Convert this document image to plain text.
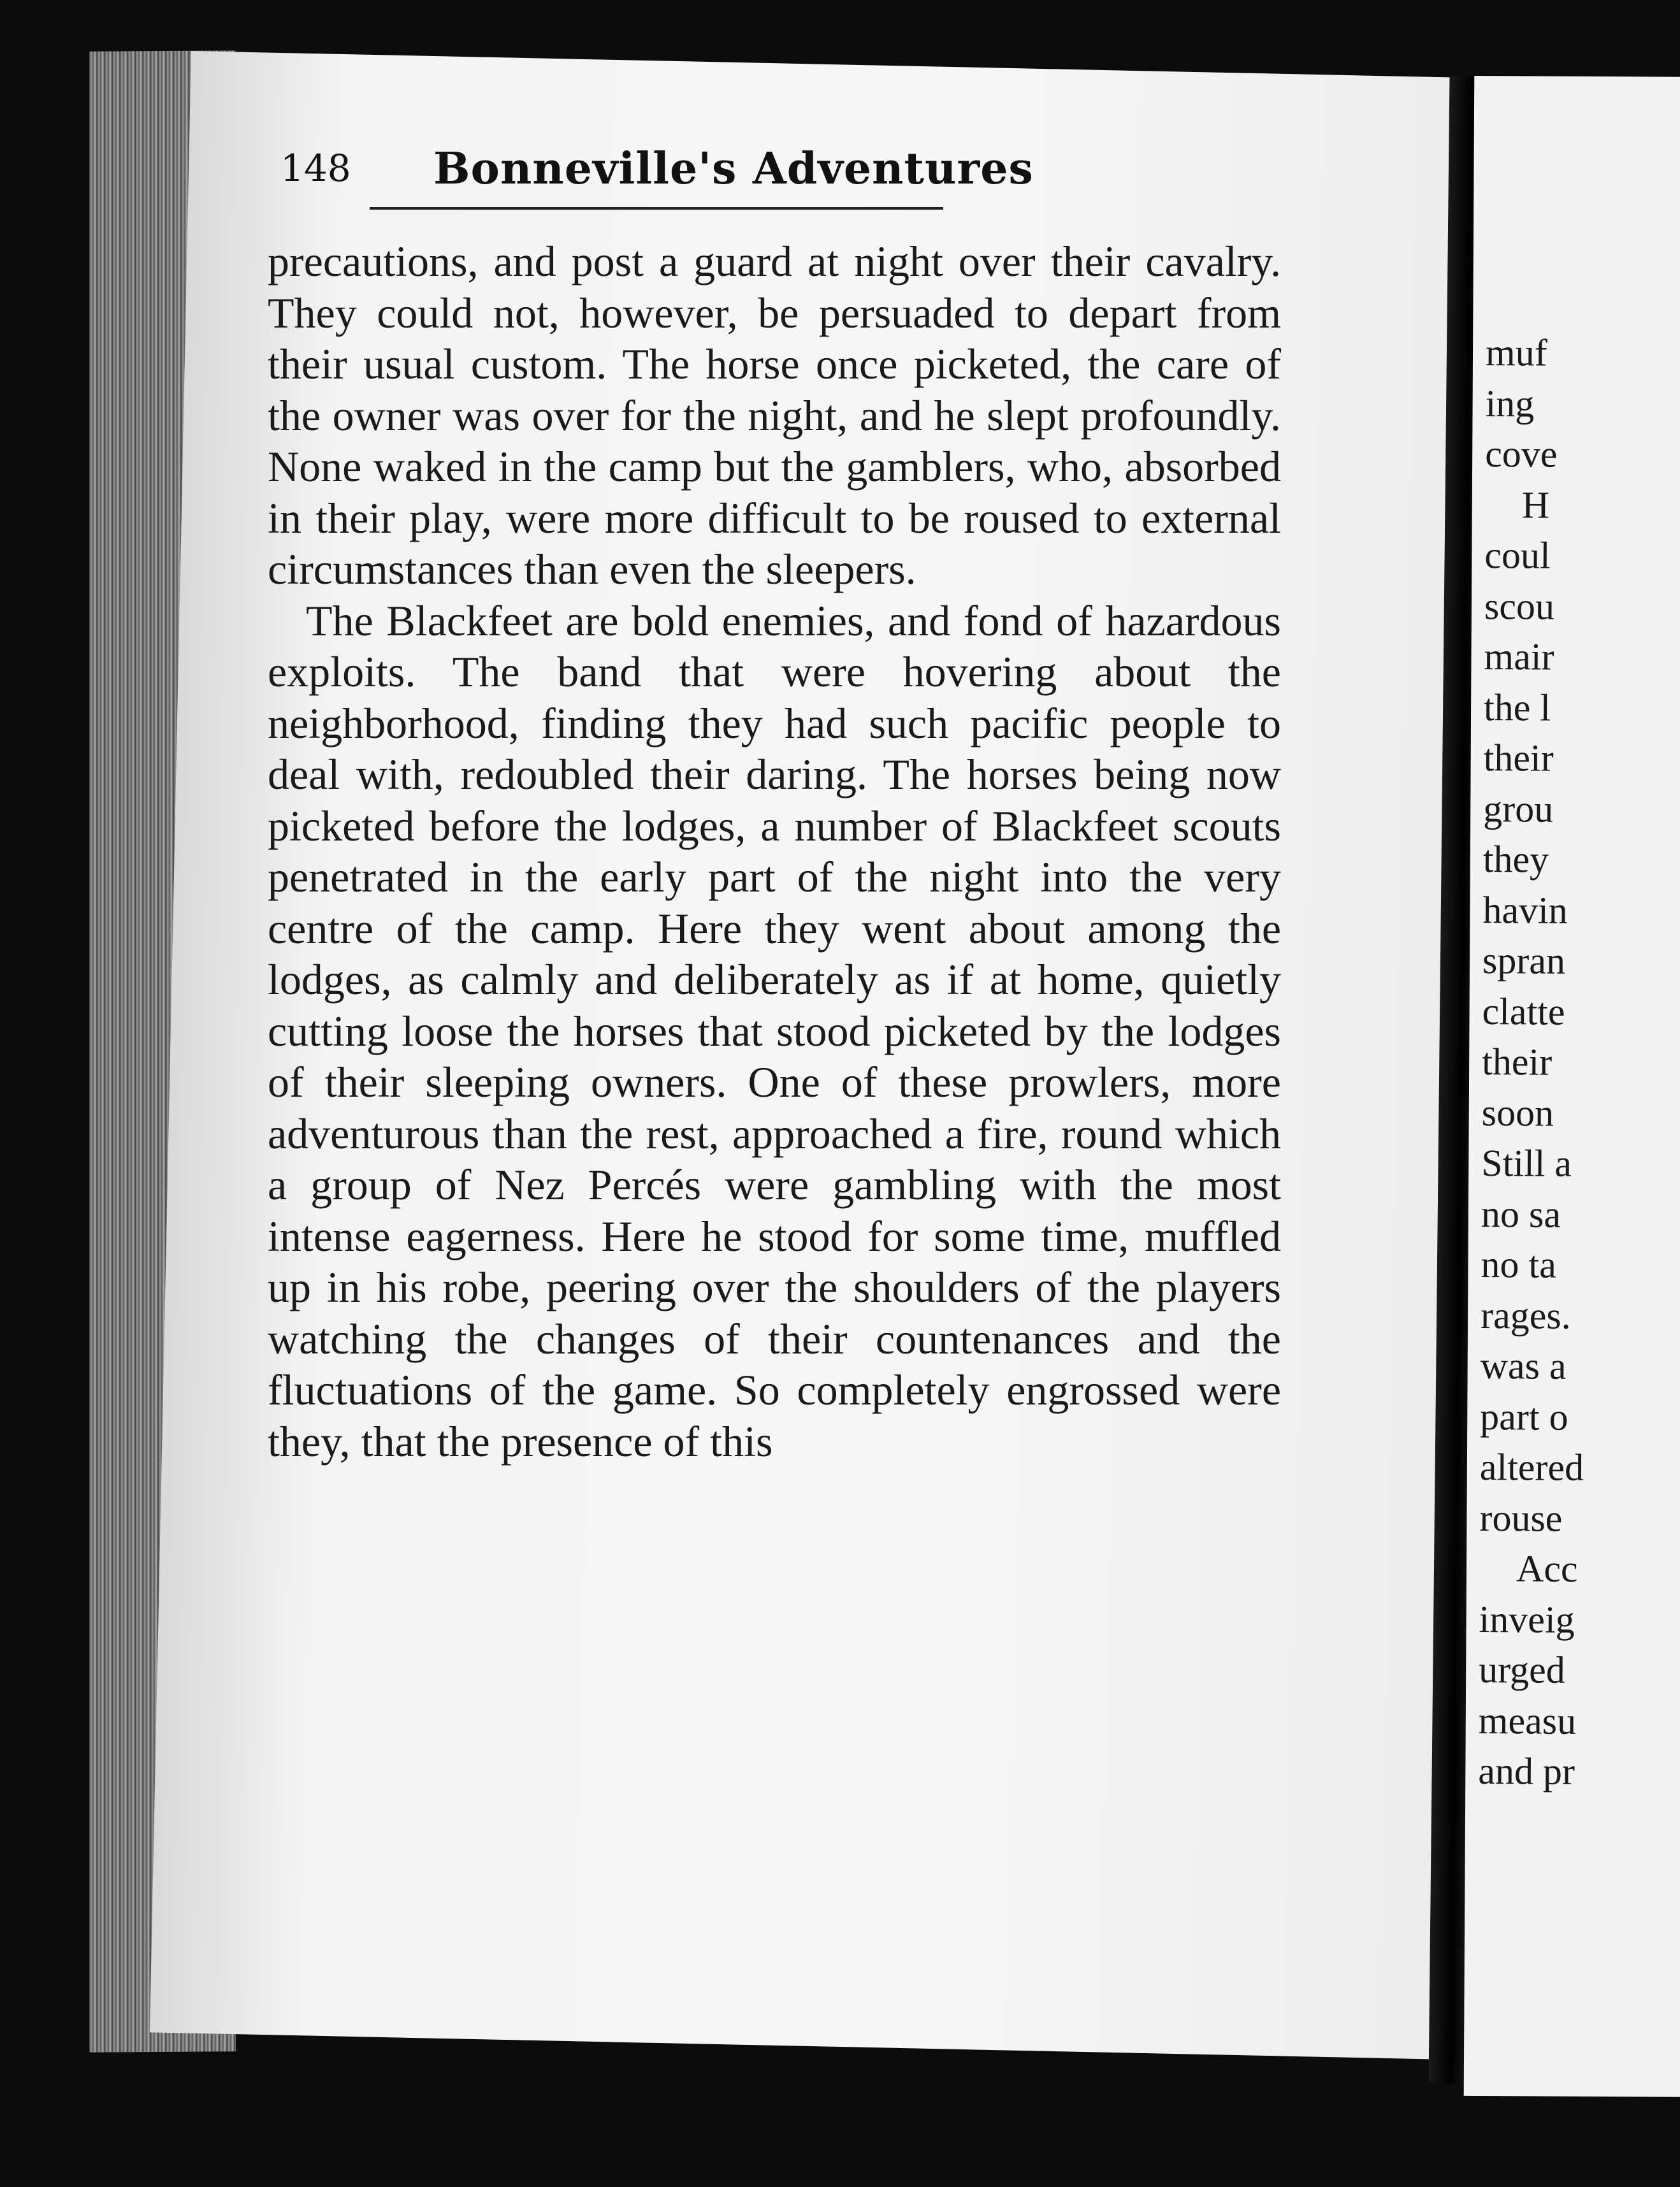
148 Bonneville's Adventures

precautions, and post a guard at night over their cavalry. They could not, however, be persuaded to depart from their usual custom. The horse once picketed, the care of the owner was over for the night, and he slept profoundly. None waked in the camp but the gamblers, who, absorbed in their play, were more difficult to be roused to external circumstances than even the sleepers.

The Blackfeet are bold enemies, and fond of hazardous exploits. The band that were hovering about the neighborhood, finding they had such pacific people to deal with, redoubled their daring. The horses being now picketed before the lodges, a number of Blackfeet scouts penetrated in the early part of the night into the very centre of the camp. Here they went about among the lodges, as calmly and deliberately as if at home, quietly cutting loose the horses that stood picketed by the lodges of their sleeping owners. One of these prowlers, more adventurous than the rest, approached a fire, round which a group of Nez Percés were gambling with the most intense eagerness. Here he stood for some time, muffled up in his robe, peering over the shoulders of the players watching the changes of their countenances and the fluctuations of the game. So completely engrossed were they, that the presence of this

muf
ing
cove
H
coul
scou
mair
the l
their
grou
they
havin
spran
clatte
their
soon
Still a
no sa
no ta
rages.
was a
part o
altered
rouse
Acc
inveig
urged
measu
and pr
